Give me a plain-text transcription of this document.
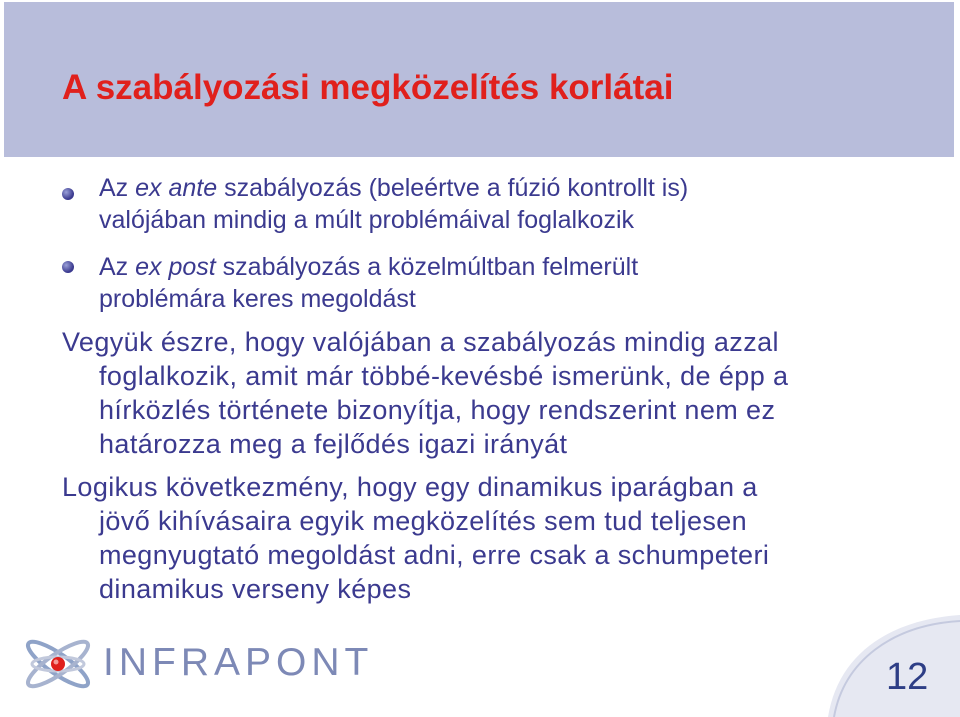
A szabályozási megközelítés korlátai

Az ex ante szabályozás (beleértve a fúzió kontrollt is)

valójában mindig a múlt problémáival foglalkozik

Az ex post szabályozás a közelmúltban felmerült

problémára keres megoldást

Vegyük észre, hogy valójában a szabályozás mindig azzal

foglalkozik, amit már többé-kevésbé ismerünk, de épp a

hírközlés története bizonyítja, hogy rendszerint nem ez

határozza meg a fejlődés igazi irányát

Logikus következmény, hogy egy dinamikus iparágban a

jövő kihívásaira egyik megközelítés sem tud teljesen

megnyugtató megoldást adni, erre csak a schumpeteri

dinamikus verseny képes

INFRAPONT	12
